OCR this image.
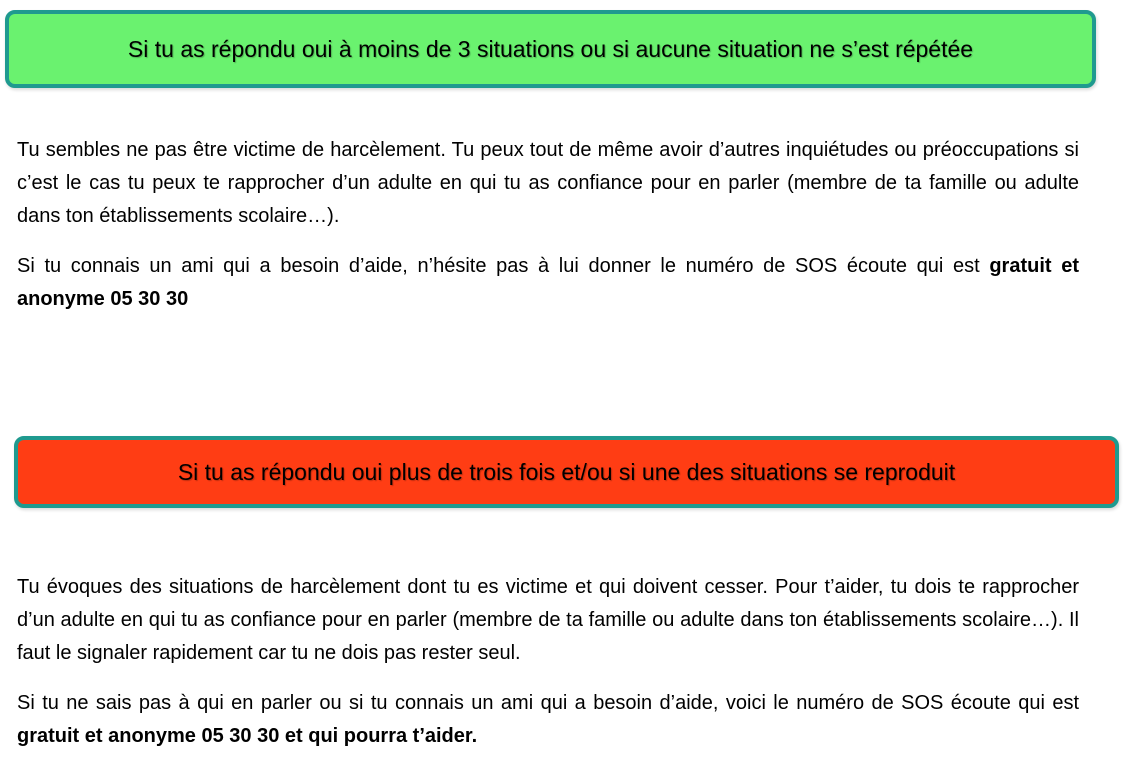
Si tu as répondu oui à moins de 3 situations ou si aucune situation ne s’est répétée

Tu sembles ne pas être victime de harcèlement. Tu peux tout de même avoir d’autres inquiétudes ou préoccupations si c’est le cas tu peux te rapprocher d’un adulte en qui tu as confiance pour en parler (membre de ta famille ou adulte dans ton établissements scolaire…).

Si tu connais un ami qui a besoin d’aide, n’hésite pas à lui donner le numéro de SOS écoute qui est gratuit et anonyme 05 30 30

Si tu as répondu oui plus de trois fois et/ou si une des situations se reproduit

Tu évoques des situations de harcèlement dont tu es victime et qui doivent cesser. Pour t’aider, tu dois te rapprocher d’un adulte en qui tu as confiance pour en parler (membre de ta famille ou adulte dans ton établissements scolaire…). Il faut le signaler rapidement car tu ne dois pas rester seul.

Si tu ne sais pas à qui en parler ou si tu connais un ami qui a besoin d’aide, voici le numéro de SOS écoute qui est gratuit et anonyme 05 30 30 et qui pourra t’aider.
